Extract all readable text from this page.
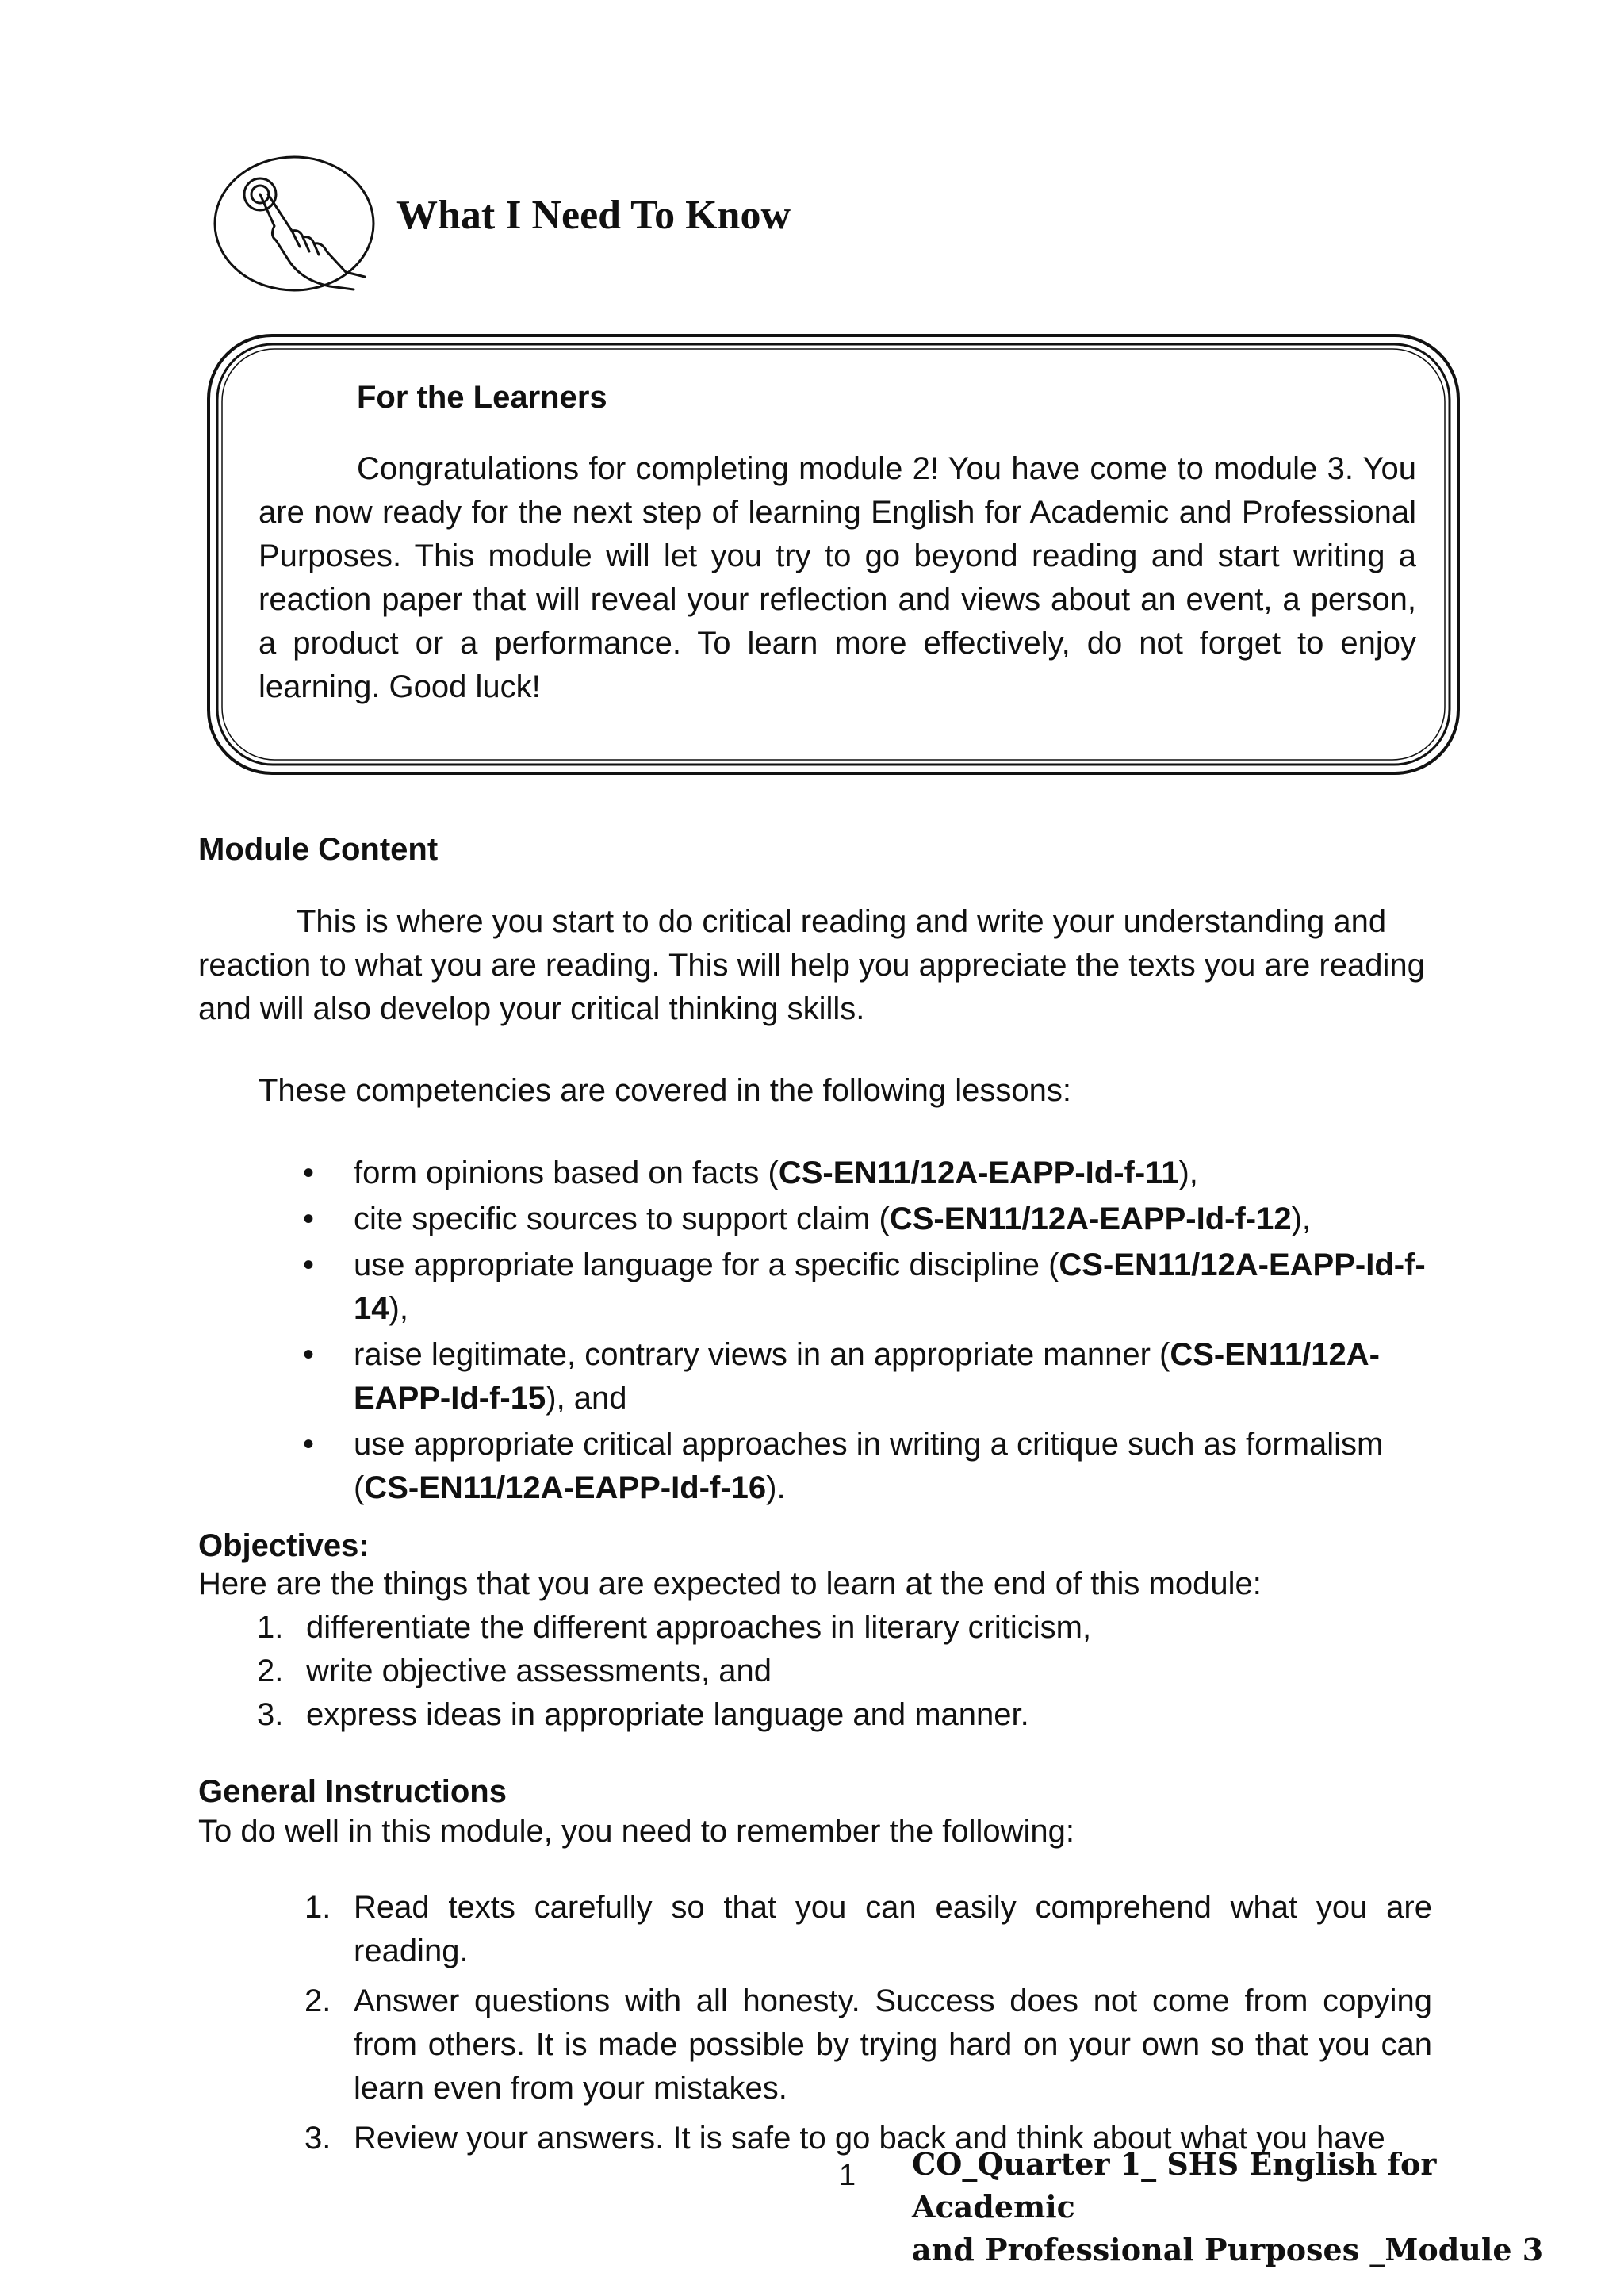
What I Need To Know
For the Learners

Congratulations for completing module 2! You have come to module 3. You are now ready for the next step of learning English for Academic and Professional Purposes. This module will let you try to go beyond reading and start writing a reaction paper that will reveal your reflection and views about an event, a person, a product or a performance. To learn more effectively, do not forget to enjoy learning. Good luck!

Module Content
This is where you start to do critical reading and write your understanding and
reaction to what you are reading. This will help you appreciate the texts you are reading
and will also develop your critical thinking skills.
These competencies are covered in the following lessons:
• form opinions based on facts (CS-EN11/12A-EAPP-Id-f-11),
• cite specific sources to support claim (CS-EN11/12A-EAPP-Id-f-12),
• use appropriate language for a specific discipline (CS-EN11/12A-EAPP-Id-f-14),
• raise legitimate, contrary views in an appropriate manner (CS-EN11/12A-EAPP-Id-f-15), and
• use appropriate critical approaches in writing a critique such as formalism (CS-EN11/12A-EAPP-Id-f-16).
Objectives:
Here are the things that you are expected to learn at the end of this module:
1. differentiate the different approaches in literary criticism,
2. write objective assessments, and
3. express ideas in appropriate language and manner.
General Instructions
To do well in this module, you need to remember the following:
1. Read texts carefully so that you can easily comprehend what you are reading.
2. Answer questions with all honesty. Success does not come from copying from others. It is made possible by trying hard on your own so that you can learn even from your mistakes.
3. Review your answers. It is safe to go back and think about what you have
1 CO_Quarter 1_ SHS English for Academic
and Professional Purposes _Module 3
